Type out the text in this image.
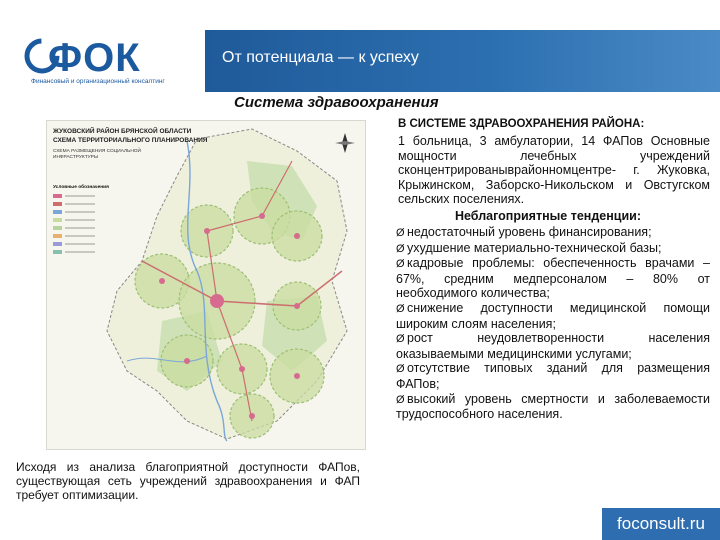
ФОК
Финансовый и организационный консалтинг
От потенциала — к успеху
Система здравоохранения
ЖУКОВСКИЙ РАЙОН БРЯНСКОЙ ОБЛАСТИ СХЕМА ТЕРРИТОРИАЛЬНОГО ПЛАНИРОВАНИЯ
СХЕМА РАЗМЕЩЕНИЯ СОЦИАЛЬНОЙ ИНФРАСТРУКТУРЫ
Условные обозначения
Исходя из анализа благоприятной доступности ФАПов, существующая сеть учреждений здравоохранения и ФАП требует оптимизации.
В СИСТЕМЕ ЗДРАВООХРАНЕНИЯ РАЙОНА:
1 больница, 3 амбулатории, 14 ФАПов Основные мощности лечебных учреждений сконцентрированывpайонномцентре- г. Жуковка, Крыжинском, Заборско-Никольском и Овстугском сельских поселениях.
Неблагоприятные тенденции:
Ø недостаточный уровень финансирования;
Ø ухудшение материально-технической базы;
Ø кадровые проблемы: обеспеченность врачами – 67%, средним медперсоналом – 80% от необходимого количества;
Ø снижение доступности медицинской помощи широким слоям населения;
Ø рост неудовлетворенности населения оказываемыми медицинскими услугами;
Ø отсутствие типовых зданий для размещения ФАПов;
Ø высокий уровень смертности и заболеваемости трудоспособного населения.
foconsult.ru
